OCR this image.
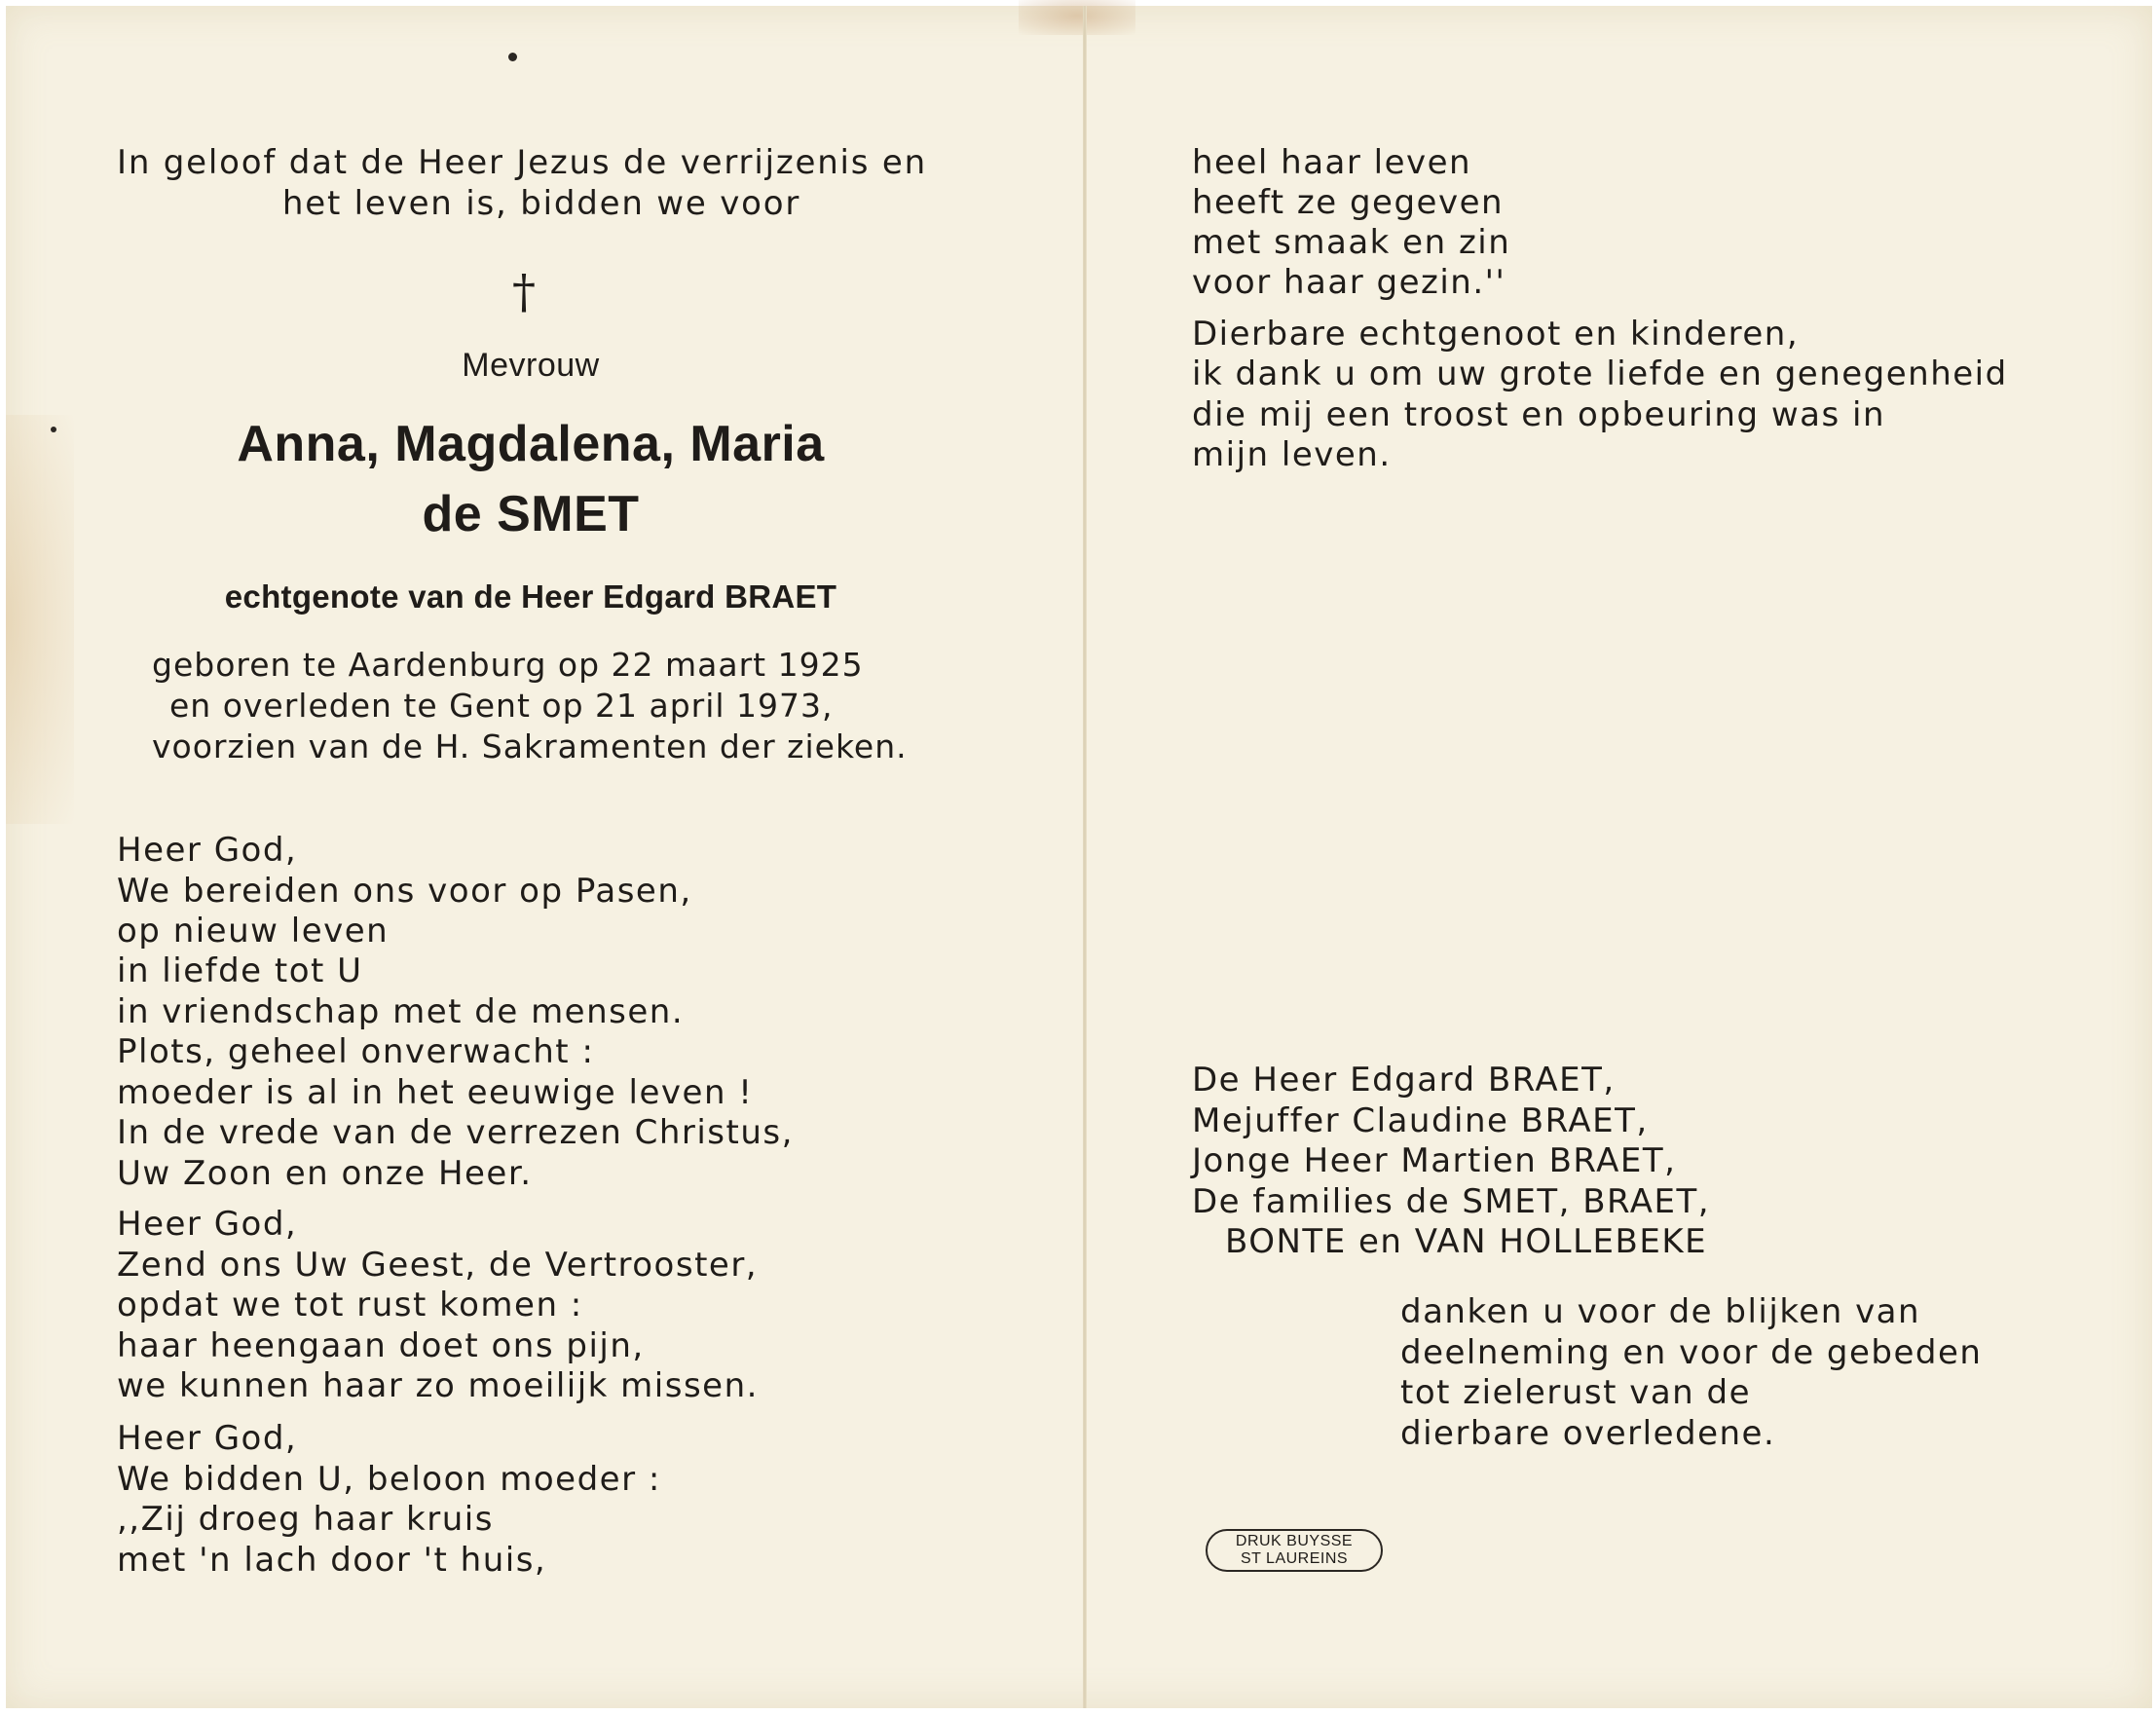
In geloof dat de Heer Jezus de verrijzenis en
het leven is, bidden we voor
†
Mevrouw
Anna, Magdalena, Maria
de SMET
echtgenote van de Heer Edgard BRAET
geboren te Aardenburg op 22 maart 1925
en overleden te Gent op 21 april 1973,
voorzien van de H. Sakramenten der zieken.
Heer God,
We bereiden ons voor op Pasen,
op nieuw leven
in liefde tot U
in vriendschap met de mensen.
Plots, geheel onverwacht :
moeder is al in het eeuwige leven !
In de vrede van de verrezen Christus,
Uw Zoon en onze Heer.
Heer God,
Zend ons Uw Geest, de Vertrooster,
opdat we tot rust komen :
haar heengaan doet ons pijn,
we kunnen haar zo moeilijk missen.
Heer God,
We bidden U, beloon moeder :
,,Zij droeg haar kruis
met 'n lach door 't huis,
heel haar leven
heeft ze gegeven
met smaak en zin
voor haar gezin.''
Dierbare echtgenoot en kinderen,
ik dank u om uw grote liefde en genegenheid
die mij een troost en opbeuring was in
mijn leven.
De Heer Edgard BRAET,
Mejuffer Claudine BRAET,
Jonge Heer Martien BRAET,
De families de SMET, BRAET,
BONTE en VAN HOLLEBEKE
danken u voor de blijken van
deelneming en voor de gebeden
tot zielerust van de
dierbare overledene.
DRUK BUYSSE
ST LAUREINS
